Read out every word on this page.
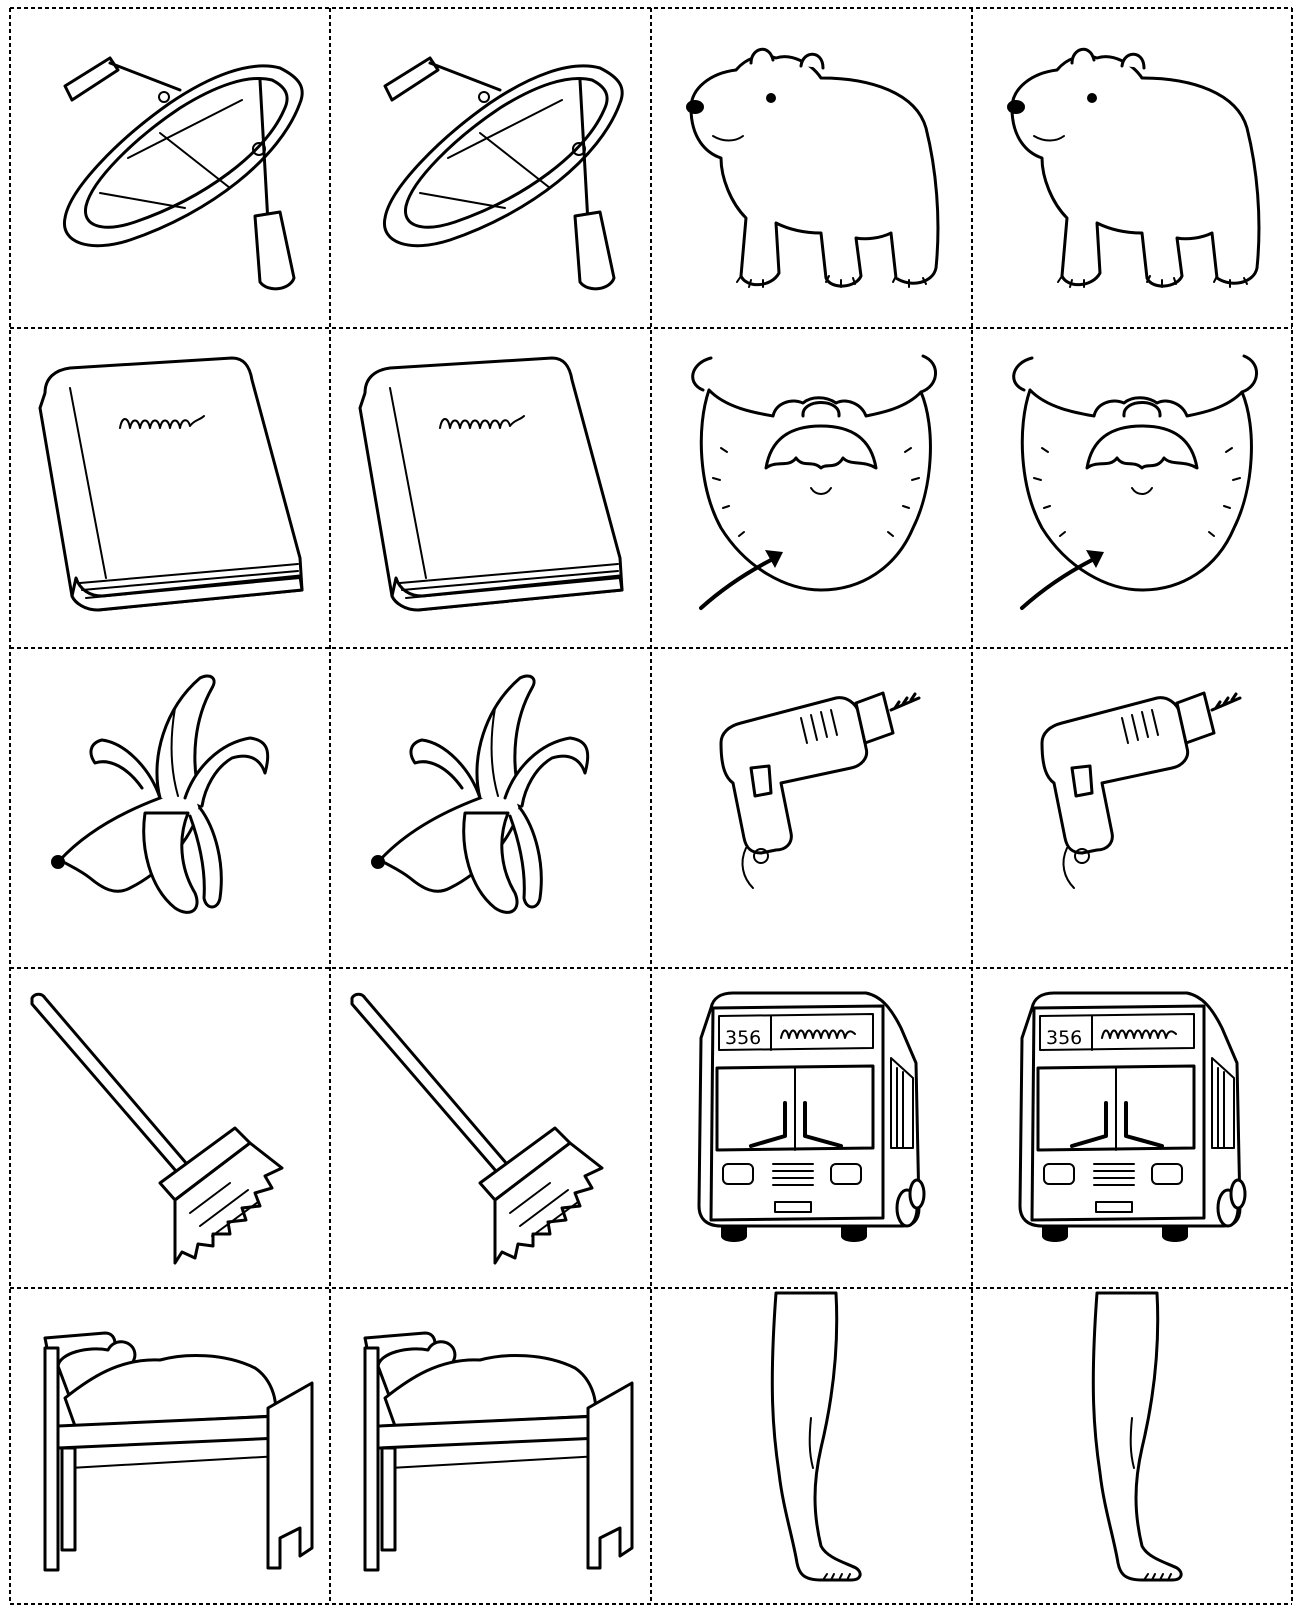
356	356
